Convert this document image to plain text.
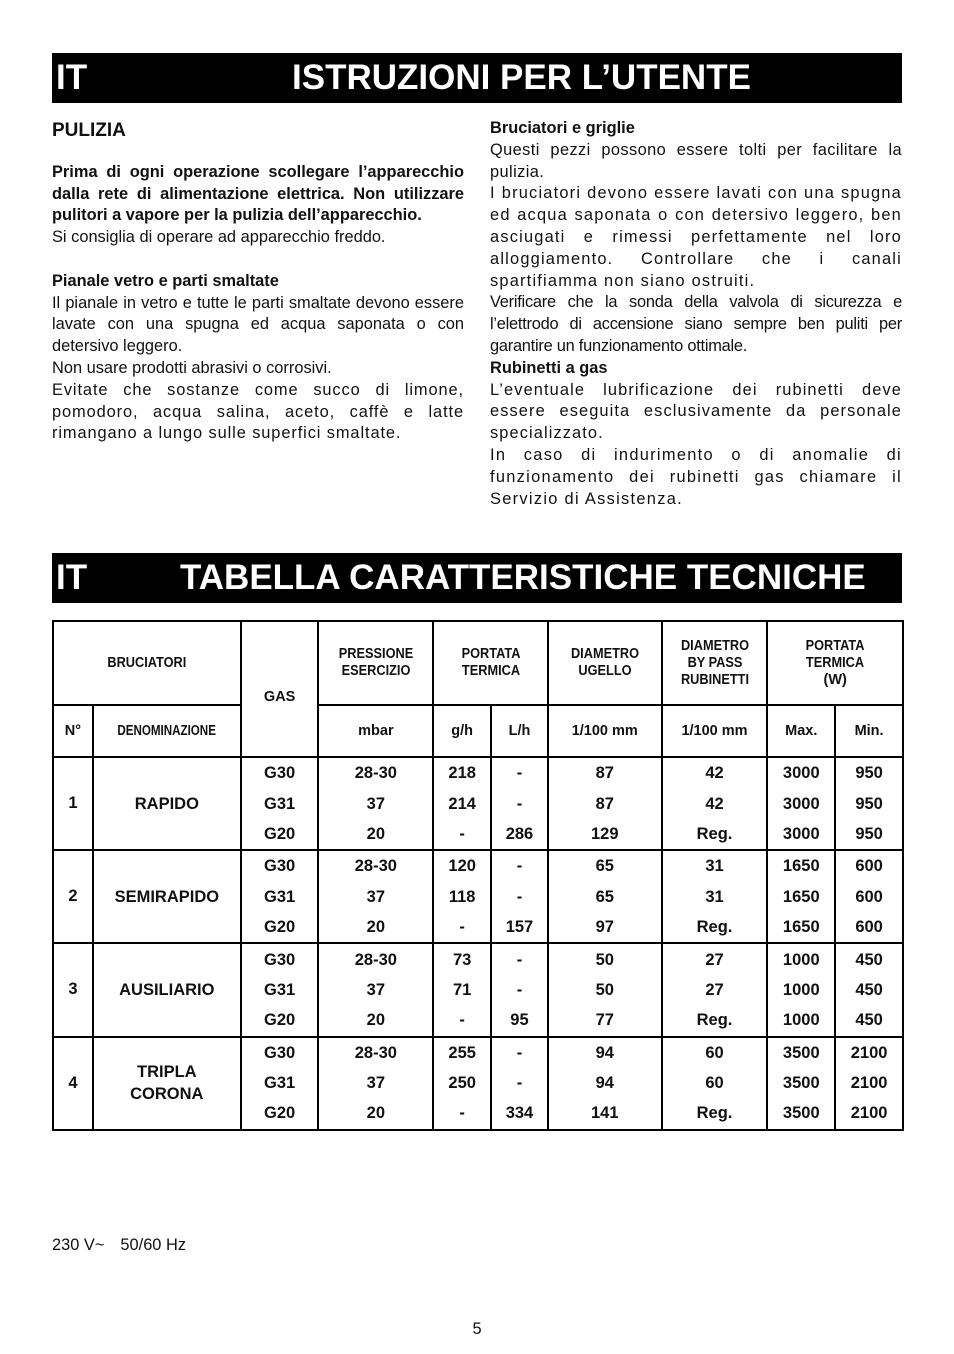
IT	ISTRUZIONI PER L’UTENTE
PULIZIA

Prima di ogni operazione scollegare l’apparecchio dalla rete di alimentazione elettrica. Non utilizzare pulitori a vapore per la pulizia dell’apparecchio.

Si consiglia di operare ad apparecchio freddo.

Pianale vetro e parti smaltate

Il pianale in vetro e tutte le parti smaltate devono essere lavate con una spugna ed acqua saponata o con detersivo leggero.

Non usare prodotti abrasivi o corrosivi.

Evitate che sostanze come succo di limone, pomodoro, acqua salina, aceto, caffè e latte rimangano a lungo sulle superfici smaltate.

Bruciatori e griglie

Questi pezzi possono essere tolti per facilitare la pulizia.

I bruciatori devono essere lavati con una spugna ed acqua saponata o con detersivo leggero, ben asciugati e rimessi perfettamente nel loro alloggiamento. Controllare che i canali spartifiamma non siano ostruiti.

Verificare che la sonda della valvola di sicurezza e l’elettrodo di accensione siano sempre ben puliti per garantire un funzionamento ottimale.

Rubinetti a gas

L’eventuale lubrificazione dei rubinetti deve essere eseguita esclusivamente da personale specializzato.

In caso di indurimento o di anomalie di funzionamento dei rubinetti gas chiamare il Servizio di Assistenza.

IT	TABELLA CARATTERISTICHE TECNICHE
BRUCIATORI		GAS	PRESSIONE ESERCIZIO	PORTATA TERMICA		DIAMETRO UGELLO	DIAMETRO BY PASS RUBINETTI	PORTATA TERMICA
(W)	
N°	DENOMINAZIONE		mbar	g/h	L/h	1/100 mm	1/100 mm	Max.	Min.
1	RAPIDO	G30	28-30	218	-	87	42	3000	950
		G31	37	214	-	87	42	3000	950
		G20	20	-	286	129	Reg.	3000	950
2	SEMIRAPIDO	G30	28-30	120	-	65	31	1650	600
		G31	37	118	-	65	31	1650	600
		G20	20	-	157	97	Reg.	1650	600
3	AUSILIARIO	G30	28-30	73	-	50	27	1000	450
		G31	37	71	-	50	27	1000	450
		G20	20	-	95	77	Reg.	1000	450
4	TRIPLA CORONA	G30	28-30	255	-	94	60	3500	2100
		G31	37	250	-	94	60	3500	2100
		G20	20	-	334	141	Reg.	3500	2100
230 V~ 50/60 Hz
5
